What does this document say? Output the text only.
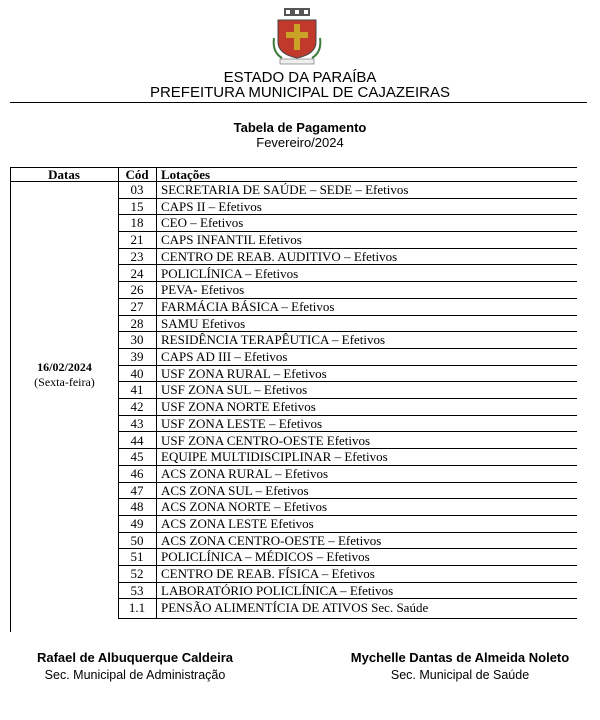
ESTADO DA PARAÍBA
PREFEITURA MUNICIPAL DE CAJAZEIRAS
Tabela de Pagamento
Fevereiro/2024
Datas	Cód Lotações
16/02/2024
(Sexta-feira)
03	SECRETARIA DE SAÚDE – SEDE – Efetivos
15	CAPS II – Efetivos
18	CEO – Efetivos
21	CAPS INFANTIL Efetivos
23	CENTRO DE REAB. AUDITIVO – Efetivos
24	POLICLÍNICA – Efetivos
26	PEVA- Efetivos
27	FARMÁCIA BÁSICA – Efetivos
28	SAMU Efetivos
30	RESIDÊNCIA TERAPÊUTICA – Efetivos
39	CAPS AD III – Efetivos
40	USF ZONA RURAL – Efetivos
41	USF ZONA SUL – Efetivos
42	USF ZONA NORTE Efetivos
43	USF ZONA LESTE – Efetivos
44	USF ZONA CENTRO-OESTE Efetivos
45	EQUIPE MULTIDISCIPLINAR – Efetivos
46	ACS ZONA RURAL – Efetivos
47	ACS ZONA SUL – Efetivos
48	ACS ZONA NORTE – Efetivos
49	ACS ZONA LESTE Efetivos
50	ACS ZONA CENTRO-OESTE – Efetivos
51	POLICLÍNICA – MÉDICOS – Efetivos
52	CENTRO DE REAB. FÍSICA – Efetivos
53	LABORATÓRIO POLICLÍNICA – Efetivos
1.1	PENSÃO ALIMENTÍCIA DE ATIVOS Sec. Saúde
Rafael de Albuquerque Caldeira
Sec. Municipal de Administração
Mychelle Dantas de Almeida Noleto
Sec. Municipal de Saúde
